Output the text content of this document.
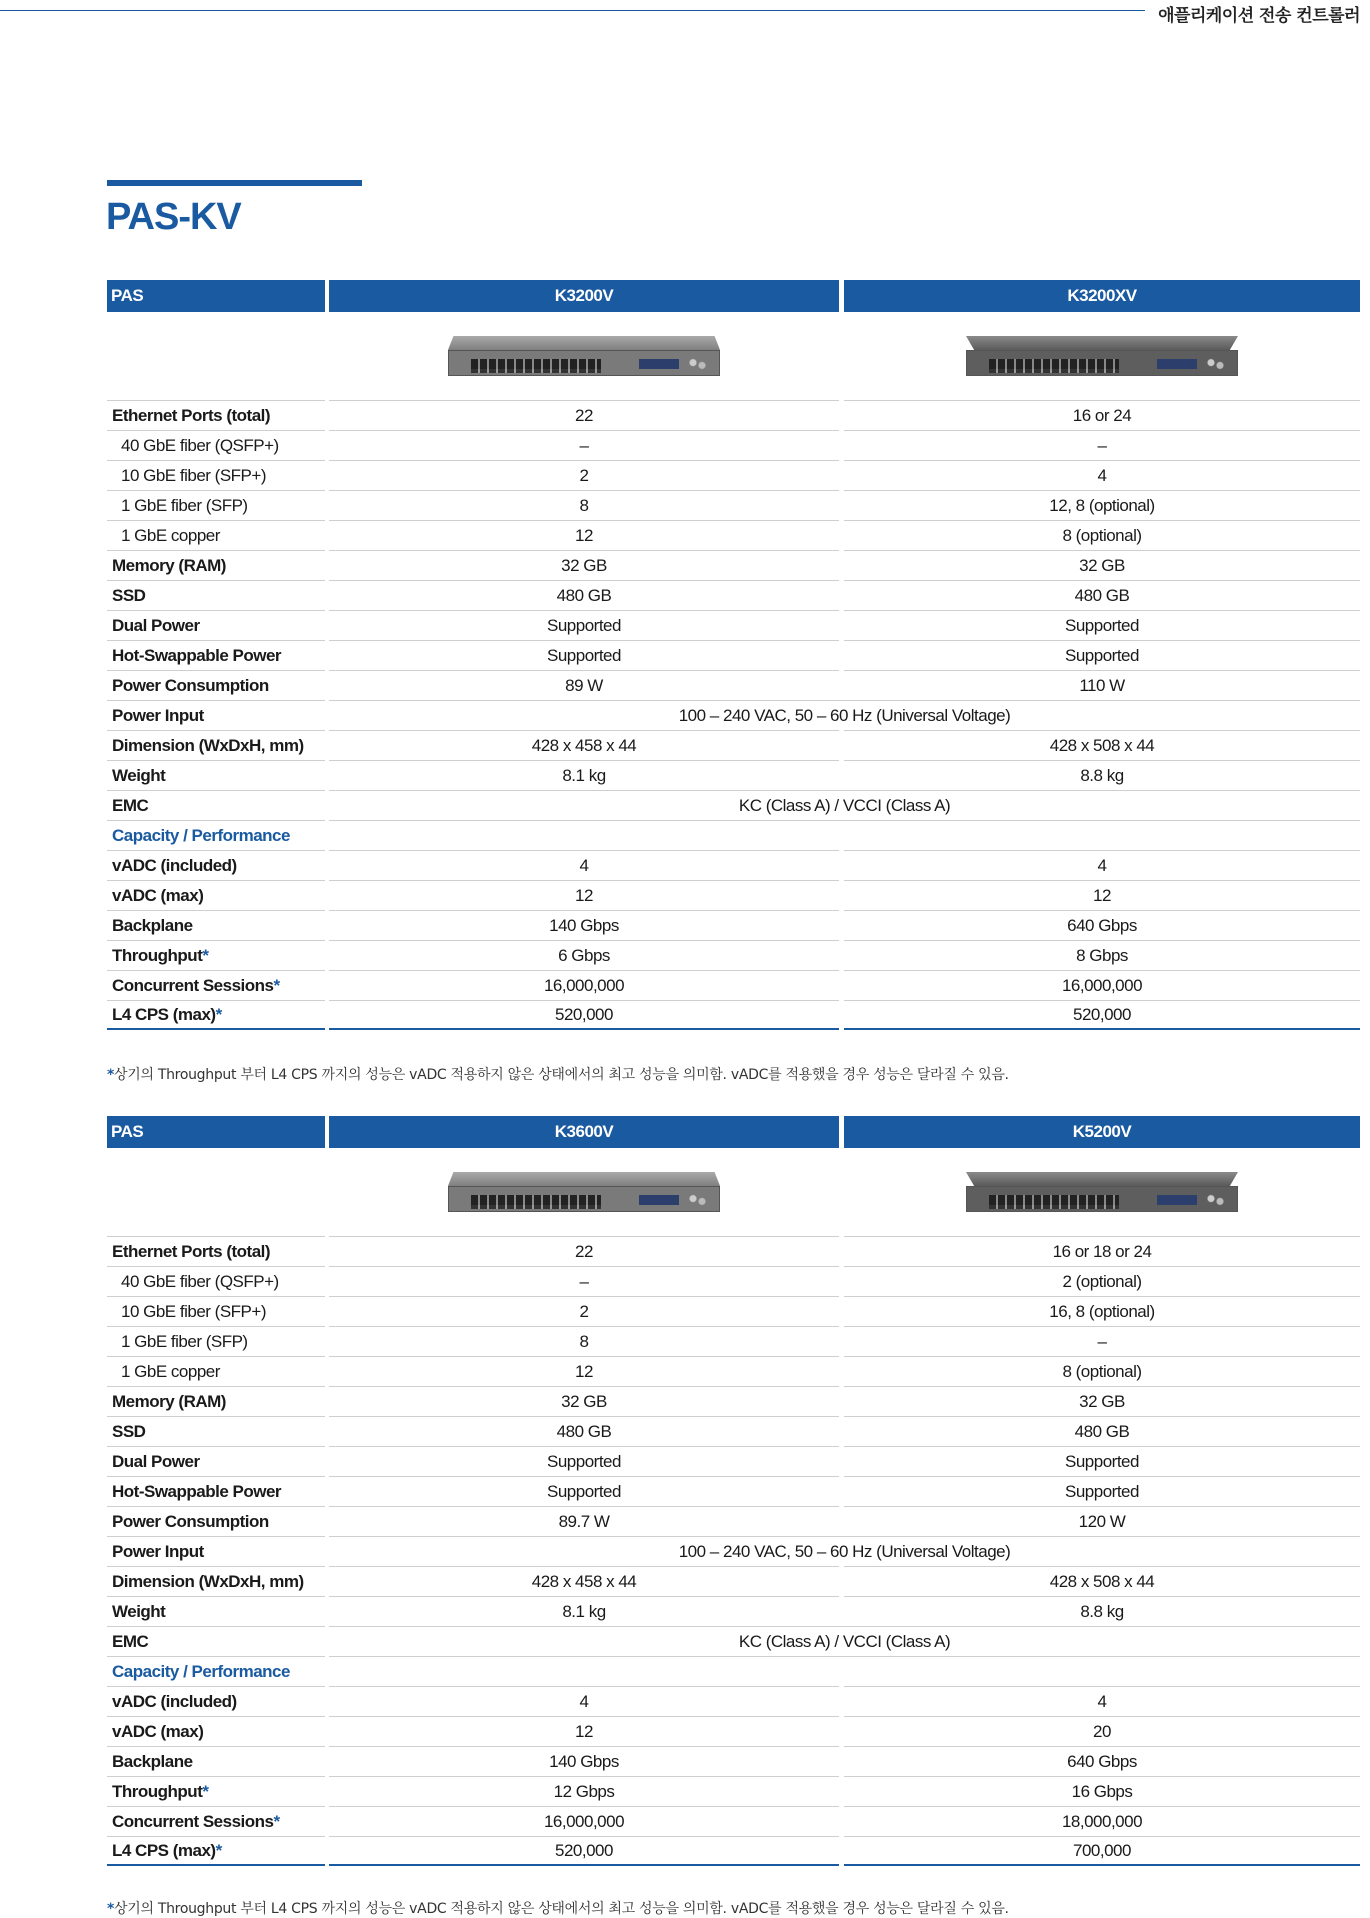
애플리케이션 전송 컨트롤러
PAS-KV
PAS	K3200V	K3200XV
Ethernet Ports (total)	22	16 or 24
40 GbE fiber (QSFP+)	–	–
10 GbE fiber (SFP+)	2	4
1 GbE fiber (SFP)	8	12, 8 (optional)
1 GbE copper	12	8 (optional)
Memory (RAM)	32 GB	32 GB
SSD	480 GB	480 GB
Dual Power	Supported	Supported
Hot-Swappable Power	Supported	Supported
Power Consumption	89 W	110 W
Power Input	100 – 240 VAC, 50 – 60 Hz (Universal Voltage)
Dimension (WxDxH, mm)	428 x 458 x 44	428 x 508 x 44
Weight	8.1 kg	8.8 kg
EMC	KC (Class A) / VCCI (Class A)
Capacity / Performance
vADC (included)	4	4
vADC (max)	12	12
Backplane	140 Gbps	640 Gbps
Throughput *	6 Gbps	8 Gbps
Concurrent Sessions *	16,000,000	16,000,000
L4 CPS (max) *	520,000	520,000
*상기의 Throughput 부터 L4 CPS 까지의 성능은 vADC 적용하지 않은 상태에서의 최고 성능을 의미함. vADC를 적용했을 경우 성능은 달라질 수 있음.
PAS	K3600V	K5200V
Ethernet Ports (total)	22	16 or 18 or 24
40 GbE fiber (QSFP+)	–	2 (optional)
10 GbE fiber (SFP+)	2	16, 8 (optional)
1 GbE fiber (SFP)	8	–
1 GbE copper	12	8 (optional)
Memory (RAM)	32 GB	32 GB
SSD	480 GB	480 GB
Dual Power	Supported	Supported
Hot-Swappable Power	Supported	Supported
Power Consumption	89.7 W	120 W
Power Input	100 – 240 VAC, 50 – 60 Hz (Universal Voltage)
Dimension (WxDxH, mm)	428 x 458 x 44	428 x 508 x 44
Weight	8.1 kg	8.8 kg
EMC	KC (Class A) / VCCI (Class A)
Capacity / Performance
vADC (included)	4	4
vADC (max)	12	20
Backplane	140 Gbps	640 Gbps
Throughput *	12 Gbps	16 Gbps
Concurrent Sessions *	16,000,000	18,000,000
L4 CPS (max) *	520,000	700,000
*상기의 Throughput 부터 L4 CPS 까지의 성능은 vADC 적용하지 않은 상태에서의 최고 성능을 의미함. vADC를 적용했을 경우 성능은 달라질 수 있음.
